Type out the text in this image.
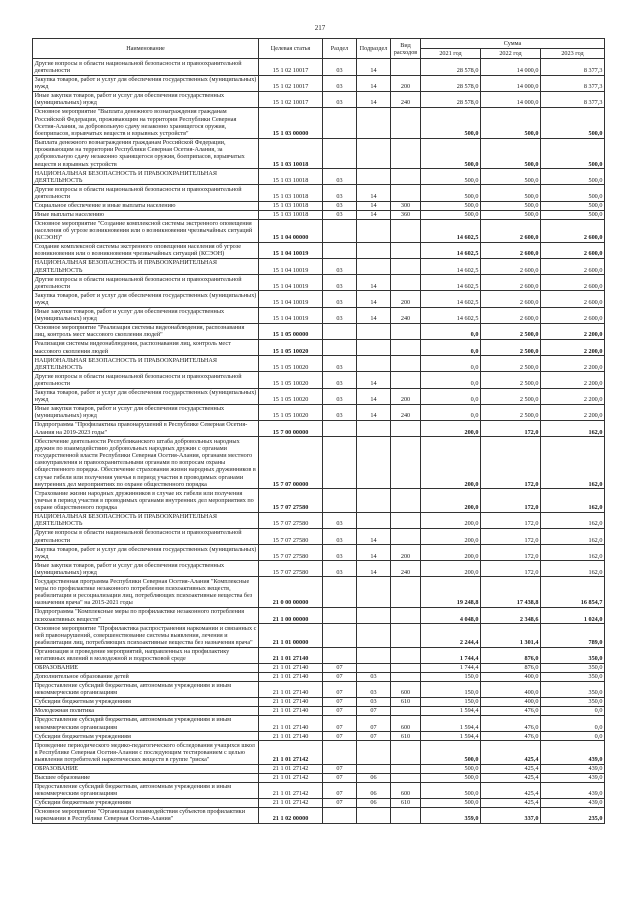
217
Наименование	Целевая статья	Раздел	Подраздел	Вид расходов	Сумма		
					2021 год	2022 год	2023 год
Другие вопросы в области национальной безопасности и правоохранительной деятельности	15 1 02 10017	03	14		28 578,0	14 000,0	8 377,3
Закупка товаров, работ и услуг для обеспечения государственных (муниципальных) нужд	15 1 02 10017	03	14	200	28 578,0	14 000,0	8 377,3
Иные закупки товаров, работ и услуг для обеспечения государственных (муниципальных) нужд	15 1 02 10017	03	14	240	28 578,0	14 000,0	8 377,3
Основное мероприятие "Выплата денежного вознаграждения гражданам Российской Федерации, проживающим на территории Республики Северная Осетия-Алания, за добровольную сдачу незаконно хранящегося оружия, боеприпасов, взрывчатых веществ и взрывных устройств"	15 1 03 00000				500,0	500,0	500,0
Выплата денежного вознаграждения гражданам Российской Федерации, проживающим на территории Республики Северная Осетия-Алания, за добровольную сдачу незаконно хранящегося оружия, боеприпасов, взрывчатых веществ и взрывных устройств	15 1 03 10018				500,0	500,0	500,0
НАЦИОНАЛЬНАЯ БЕЗОПАСНОСТЬ И ПРАВООХРАНИТЕЛЬНАЯ ДЕЯТЕЛЬНОСТЬ	15 1 03 10018	03			500,0	500,0	500,0
Другие вопросы в области национальной безопасности и правоохранительной деятельности	15 1 03 10018	03	14		500,0	500,0	500,0
Социальное обеспечение и иные выплаты населению	15 1 03 10018	03	14	300	500,0	500,0	500,0
Иные выплаты населению	15 1 03 10018	03	14	360	500,0	500,0	500,0
Основное мероприятие "Создание комплексной системы экстренного оповещения населения об угрозе возникновения или о возникновении чрезвычайных ситуаций (КСЭОН)"	15 1 04 00000				14 602,5	2 600,0	2 600,0
Создание комплексной системы экстренного оповещения населения об угрозе возникновения или о возникновении чрезвычайных ситуаций (КСЭОН)	15 1 04 10019				14 602,5	2 600,0	2 600,0
НАЦИОНАЛЬНАЯ БЕЗОПАСНОСТЬ И ПРАВООХРАНИТЕЛЬНАЯ ДЕЯТЕЛЬНОСТЬ	15 1 04 10019	03			14 602,5	2 600,0	2 600,0
Другие вопросы в области национальной безопасности и правоохранительной деятельности	15 1 04 10019	03	14		14 602,5	2 600,0	2 600,0
Закупка товаров, работ и услуг для обеспечения государственных (муниципальных) нужд	15 1 04 10019	03	14	200	14 602,5	2 600,0	2 600,0
Иные закупки товаров, работ и услуг для обеспечения государственных (муниципальных) нужд	15 1 04 10019	03	14	240	14 602,5	2 600,0	2 600,0
Основное мероприятие "Реализация системы видеонаблюдения, распознавания лиц, контроль мест массового скопления людей"	15 1 05 00000				0,0	2 500,0	2 200,0
Реализация системы видеонаблюдения, распознавания лиц, контроль мест массового скопления людей	15 1 05 10020				0,0	2 500,0	2 200,0
НАЦИОНАЛЬНАЯ БЕЗОПАСНОСТЬ И ПРАВООХРАНИТЕЛЬНАЯ ДЕЯТЕЛЬНОСТЬ	15 1 05 10020	03			0,0	2 500,0	2 200,0
Другие вопросы в области национальной безопасности и правоохранительной деятельности	15 1 05 10020	03	14		0,0	2 500,0	2 200,0
Закупка товаров, работ и услуг для обеспечения государственных (муниципальных) нужд	15 1 05 10020	03	14	200	0,0	2 500,0	2 200,0
Иные закупки товаров, работ и услуг для обеспечения государственных (муниципальных) нужд	15 1 05 10020	03	14	240	0,0	2 500,0	2 200,0
Подпрограмма "Профилактика правонарушений в Республике Северная Осетия-Алания на 2019-2023 годы"	15 7 00 00000				200,0	172,0	162,0
Обеспечение деятельности Республиканского штаба добровольных народных дружин по взаимодействию добровольных народных дружин с органами государственной власти Республики Северная Осетия-Алания, органами местного самоуправления и правоохранительными органами по вопросам охраны общественного порядка. Обеспечение страхования жизни народных дружинников в случае гибели или получения увечья в период участия в проводимых органами внутренних дел мероприятиях по охране общественного порядка	15 7 07 00000				200,0	172,0	162,0
Страхование жизни народных дружинников в случае их гибели или получения увечья в период участия в проводимых органами внутренних дел мероприятиях по охране общественного порядка	15 7 07 27580				200,0	172,0	162,0
НАЦИОНАЛЬНАЯ БЕЗОПАСНОСТЬ И ПРАВООХРАНИТЕЛЬНАЯ ДЕЯТЕЛЬНОСТЬ	15 7 07 27580	03			200,0	172,0	162,0
Другие вопросы в области национальной безопасности и правоохранительной деятельности	15 7 07 27580	03	14		200,0	172,0	162,0
Закупка товаров, работ и услуг для обеспечения государственных (муниципальных) нужд	15 7 07 27580	03	14	200	200,0	172,0	162,0
Иные закупки товаров, работ и услуг для обеспечения государственных (муниципальных) нужд	15 7 07 27580	03	14	240	200,0	172,0	162,0
Государственная программа Республики Северная Осетия-Алания "Комплексные меры по профилактике незаконного потребления психоактивных веществ, реабилитации и ресоциализации лиц, потребляющих психоактивные вещества без назначения врача" на 2015-2021 годы	21 0 00 00000				19 248,8	17 438,8	16 854,7
Подпрограмма "Комплексные меры по профилактике незаконного потребления психоактивных веществ"	21 1 00 00000				4 048,0	2 348,6	1 024,0
Основное мероприятие "Профилактика распространения наркомании и связанных с ней правонарушений, совершенствование системы выявления, лечения и реабилитации лиц, потребляющих психоактивные вещества без назначения врача"	21 1 01 00000				2 244,4	1 301,4	789,0
Организация и проведение мероприятий, направленных на профилактику негативных явлений в молодежной и подростковой среде	21 1 01 27140				1 744,4	876,0	350,0
ОБРАЗОВАНИЕ	21 1 01 27140	07			1 744,4	876,0	350,0
Дополнительное образование детей	21 1 01 27140	07	03		150,0	400,0	350,0
Предоставление субсидий бюджетным, автономным учреждениям и иным некоммерческим организациям	21 1 01 27140	07	03	600	150,0	400,0	350,0
Субсидии бюджетным учреждениям	21 1 01 27140	07	03	610	150,0	400,0	350,0
Молодежная политика	21 1 01 27140	07	07		1 594,4	476,0	0,0
Предоставление субсидий бюджетным, автономным учреждениям и иным некоммерческим организациям	21 1 01 27140	07	07	600	1 594,4	476,0	0,0
Субсидии бюджетным учреждениям	21 1 01 27140	07	07	610	1 594,4	476,0	0,0
Проведение периодического медико-педагогического обследования учащихся школ в Республике Северная Осетия-Алания с последующим тестированием с целью выявления потребителей наркотических веществ в группе "риска"	21 1 01 27142				500,0	425,4	439,0
ОБРАЗОВАНИЕ	21 1 01 27142	07			500,0	425,4	439,0
Высшее образование	21 1 01 27142	07	06		500,0	425,4	439,0
Предоставление субсидий бюджетным, автономным учреждениям и иным некоммерческим организациям	21 1 01 27142	07	06	600	500,0	425,4	439,0
Субсидии бюджетным учреждениям	21 1 01 27142	07	06	610	500,0	425,4	439,0
Основное мероприятие "Организация взаимодействия субъектов профилактики наркомании в Республике Северная Осетия-Алания"	21 1 02 00000				359,0	337,0	235,0
